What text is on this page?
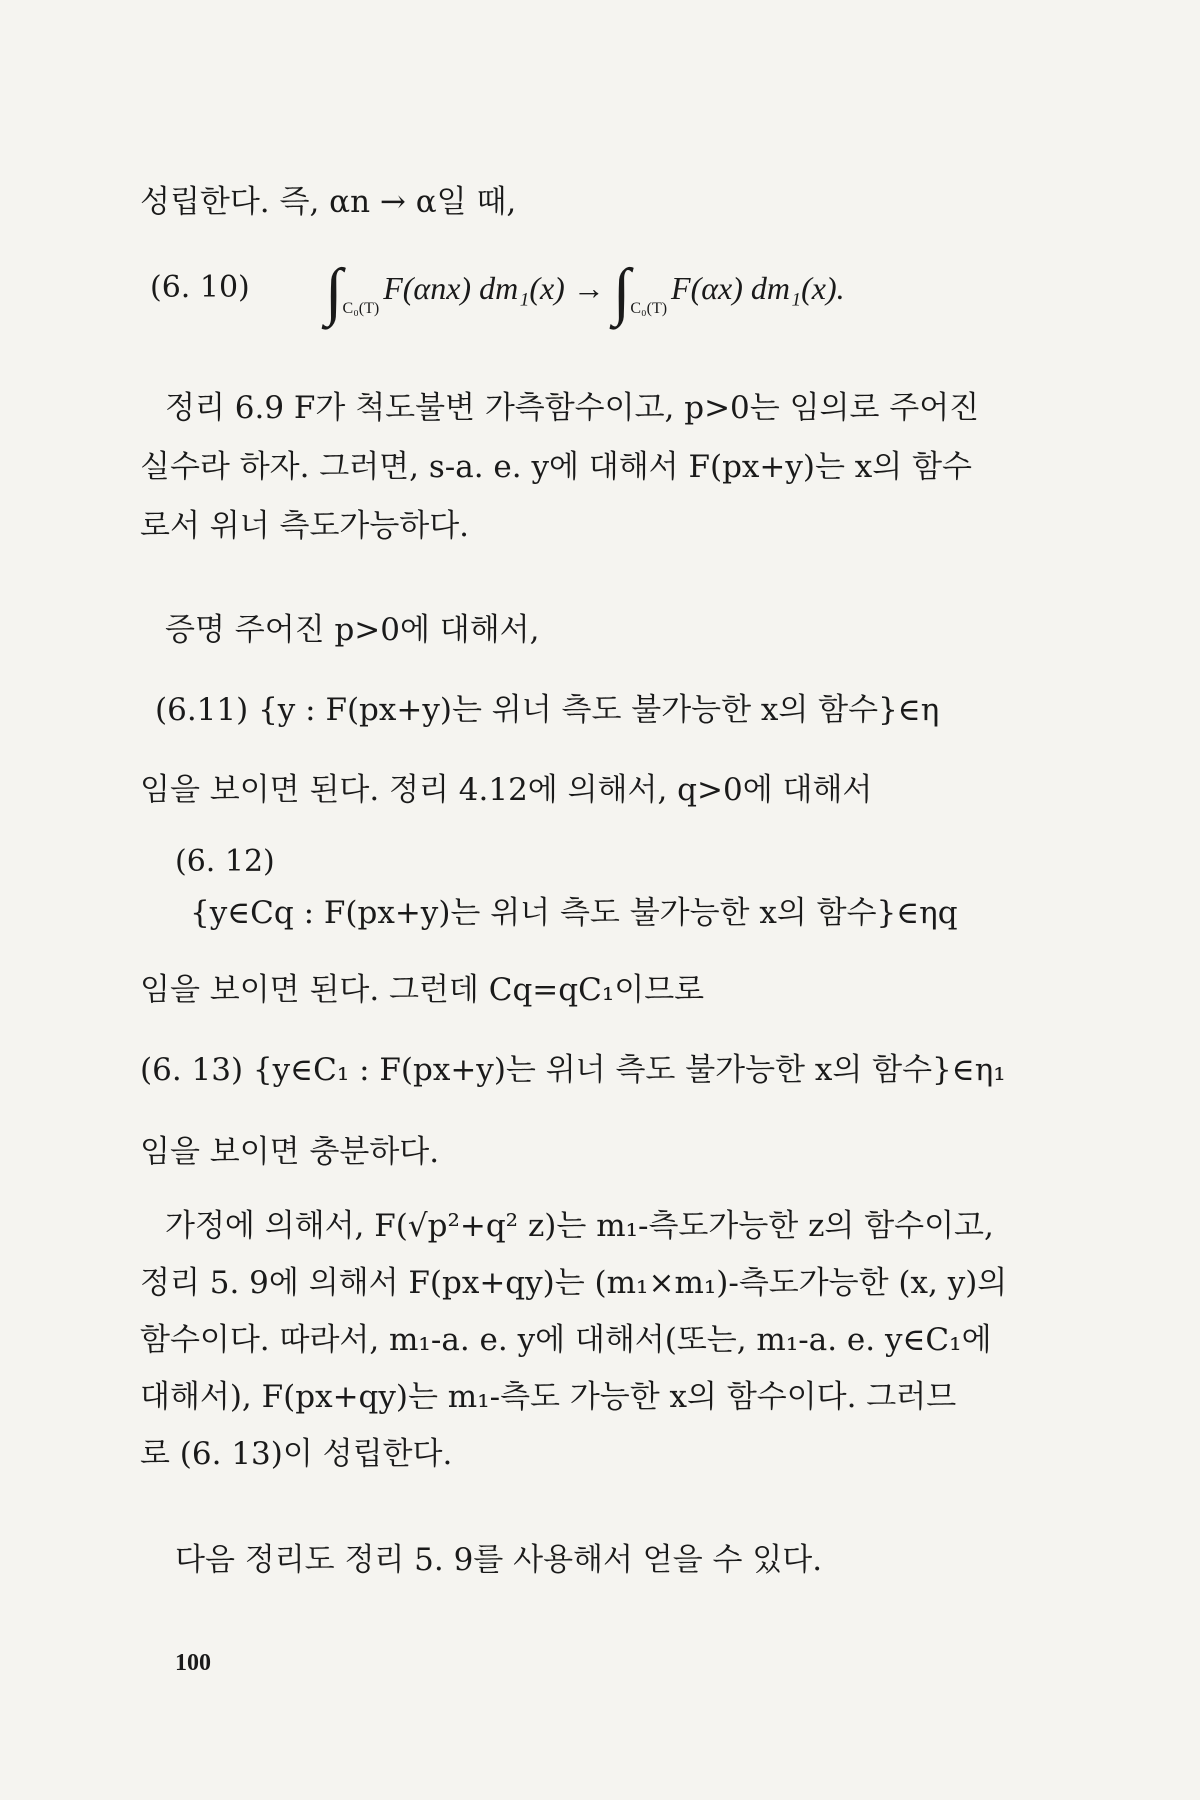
성립한다. 즉, αn → α일 때,
(6. 10) $\int_{C_0(T)}F(\alpha nx) dm_1(x) \to \int_{C_0(T)}F(\alpha x)$ dm₁(x).
정리 6.9 F가 척도불변 가측함수이고, p>0는 임의로 주어진
실수라 하자. 그러면, s-a. e. y에 대해서 F(px+y)는 x의 함수
로서 위너 측도가능하다.
증명 주어진 p>0에 대해서,
(6.11) {y : F(px+y)는 위너 측도 불가능한 x의 함수}∈η
임을 보이면 된다. 정리 4.12에 의해서, q>0에 대해서
(6. 12)
{y∈Cq : F(px+y)는 위너 측도 불가능한 x의 함수}∈ηq
임을 보이면 된다. 그런데 Cq=qC₁이므로
(6. 13) {y∈C₁ : F(px+y)는 위너 측도 불가능한 x의 함수}∈η₁
임을 보이면 충분하다.
가정에 의해서, F(√p²+q² z)는 m₁-측도가능한 z의 함수이고,
정리 5. 9에 의해서 F(px+qy)는 (m₁×m₁)-측도가능한 (x, y)의
함수이다. 따라서, m₁-a. e. y에 대해서(또는, m₁-a. e. y∈C₁에
대해서), F(px+qy)는 m₁-측도 가능한 x의 함수이다. 그러므
로 (6. 13)이 성립한다.
다음 정리도 정리 5. 9를 사용해서 얻을 수 있다.
100
